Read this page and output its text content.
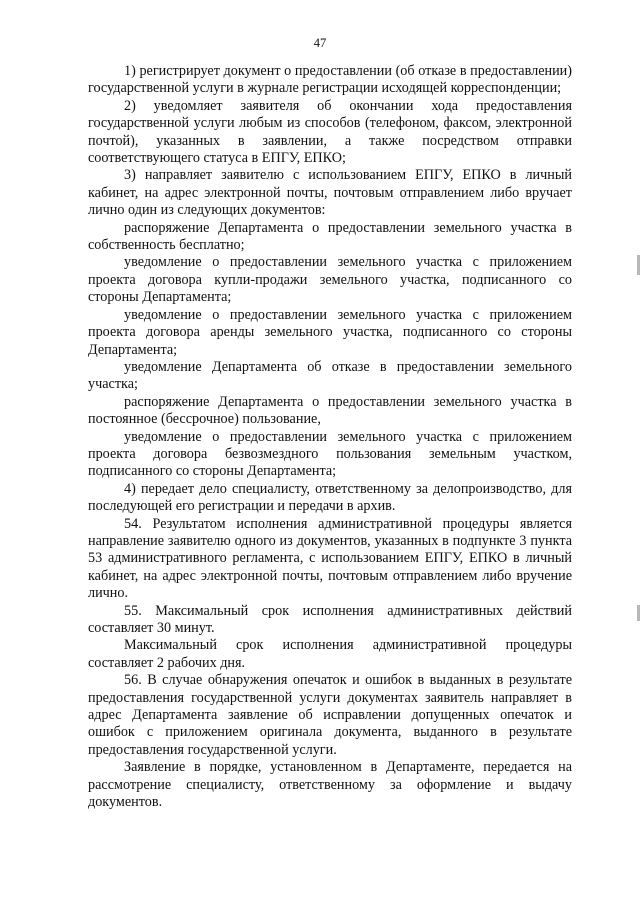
47

1) регистрирует документ о предоставлении (об отказе в предоставлении) государственной услуги в журнале регистрации исходящей корреспонденции;

2) уведомляет заявителя об окончании хода предоставления государственной услуги любым из способов (телефоном, факсом, электронной почтой), указанных в заявлении, а также посредством отправки соответствующего статуса в ЕПГУ, ЕПКО;

3) направляет заявителю с использованием ЕПГУ, ЕПКО в личный кабинет, на адрес электронной почты, почтовым отправлением либо вручает лично один из следующих документов:

распоряжение Департамента о предоставлении земельного участка в собственность бесплатно;

уведомление о предоставлении земельного участка с приложением проекта договора купли-продажи земельного участка, подписанного со стороны Департамента;

уведомление о предоставлении земельного участка с приложением проекта договора аренды земельного участка, подписанного со стороны Департамента;

уведомление Департамента об отказе в предоставлении земельного участка;

распоряжение Департамента о предоставлении земельного участка в постоянное (бессрочное) пользование,

уведомление о предоставлении земельного участка с приложением проекта договора безвозмездного пользования земельным участком, подписанного со стороны Департамента;

4) передает дело специалисту, ответственному за делопроизводство, для последующей его регистрации и передачи в архив.

54. Результатом исполнения административной процедуры является направление заявителю одного из документов, указанных в подпункте 3 пункта 53 административного регламента, с использованием ЕПГУ, ЕПКО в личный кабинет, на адрес электронной почты, почтовым отправлением либо вручение лично.

55. Максимальный срок исполнения административных действий составляет 30 минут.

Максимальный срок исполнения административной процедуры составляет 2 рабочих дня.

56. В случае обнаружения опечаток и ошибок в выданных в результате предоставления государственной услуги документах заявитель направляет в адрес Департамента заявление об исправлении допущенных опечаток и ошибок с приложением оригинала документа, выданного в результате предоставления государственной услуги.

Заявление в порядке, установленном в Департаменте, передается на рассмотрение специалисту, ответственному за оформление и выдачу документов.
